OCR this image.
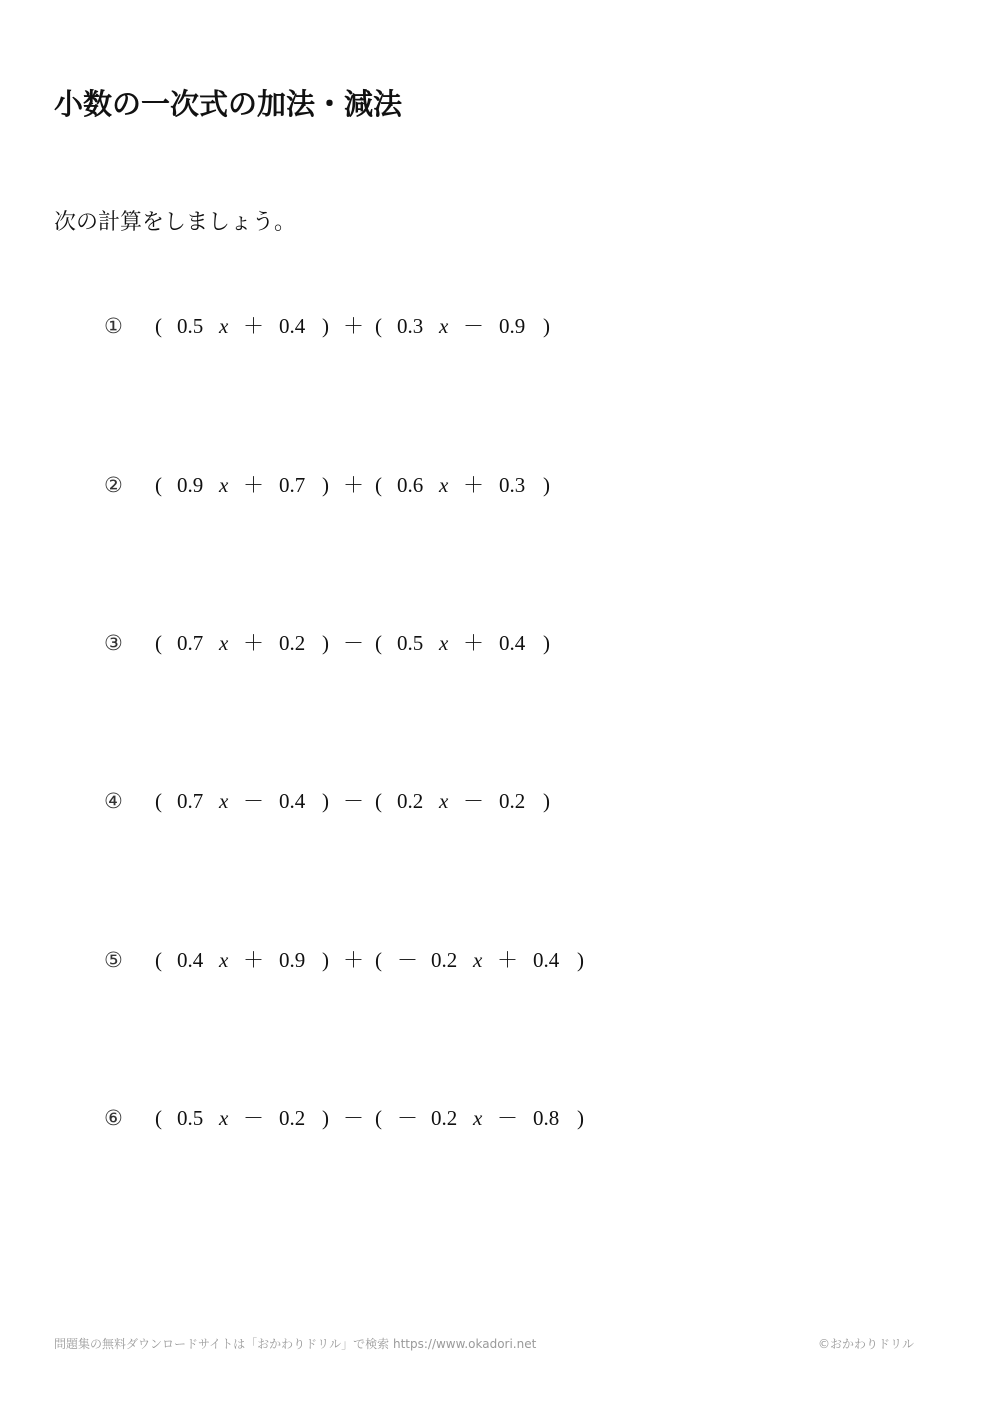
小数の一次式の加法・減法
次の計算をしましょう。
① ( 0.5 x ＋ 0.4 ) ＋ ( 0.3 x － 0.9 )
② ( 0.9 x ＋ 0.7 ) ＋ ( 0.6 x ＋ 0.3 )
③ ( 0.7 x ＋ 0.2 ) － ( 0.5 x ＋ 0.4 )
④ ( 0.7 x － 0.4 ) － ( 0.2 x － 0.2 )
⑤ ( 0.4 x ＋ 0.9 ) ＋ ( － 0.2 x ＋ 0.4 )
⑥ ( 0.5 x － 0.2 ) － ( － 0.2 x － 0.8 )
問題集の無料ダウンロードサイトは「おかわりドリル」で検索 https://www.okadori.net	©おかわりドリル
